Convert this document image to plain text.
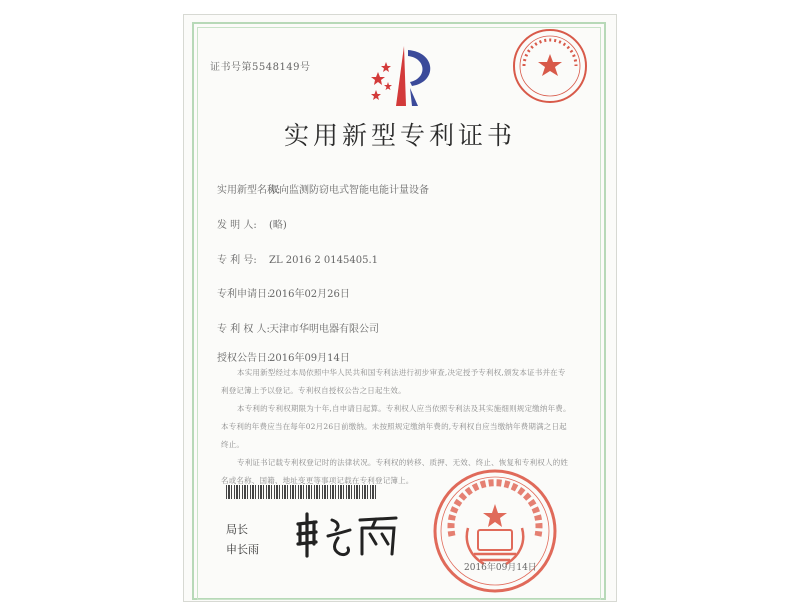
证书号第5548149号
实用新型专利证书
实用新型名称:双向监测防窃电式智能电能计量设备
发 明 人: (略)
专 利 号: ZL 2016 2 0145405.1
专利申请日:2016年02月26日
专 利 权 人:天津市华明电器有限公司
授权公告日:2016年09月14日

本实用新型经过本局依照中华人民共和国专利法进行初步审查,决定授予专利权,颁发本证书并在专利登记簿上予以登记。专利权自授权公告之日起生效。

本专利的专利权期限为十年,自申请日起算。专利权人应当依照专利法及其实施细则规定缴纳年费。本专利的年费应当在每年02月26日前缴纳。未按照规定缴纳年费的,专利权自应当缴纳年费期满之日起终止。

专利证书记载专利权登记时的法律状况。专利权的转移、质押、无效、终止、恢复和专利权人的姓名或名称、国籍、地址变更等事项记载在专利登记簿上。

局长
申长雨
2016年09月14日
